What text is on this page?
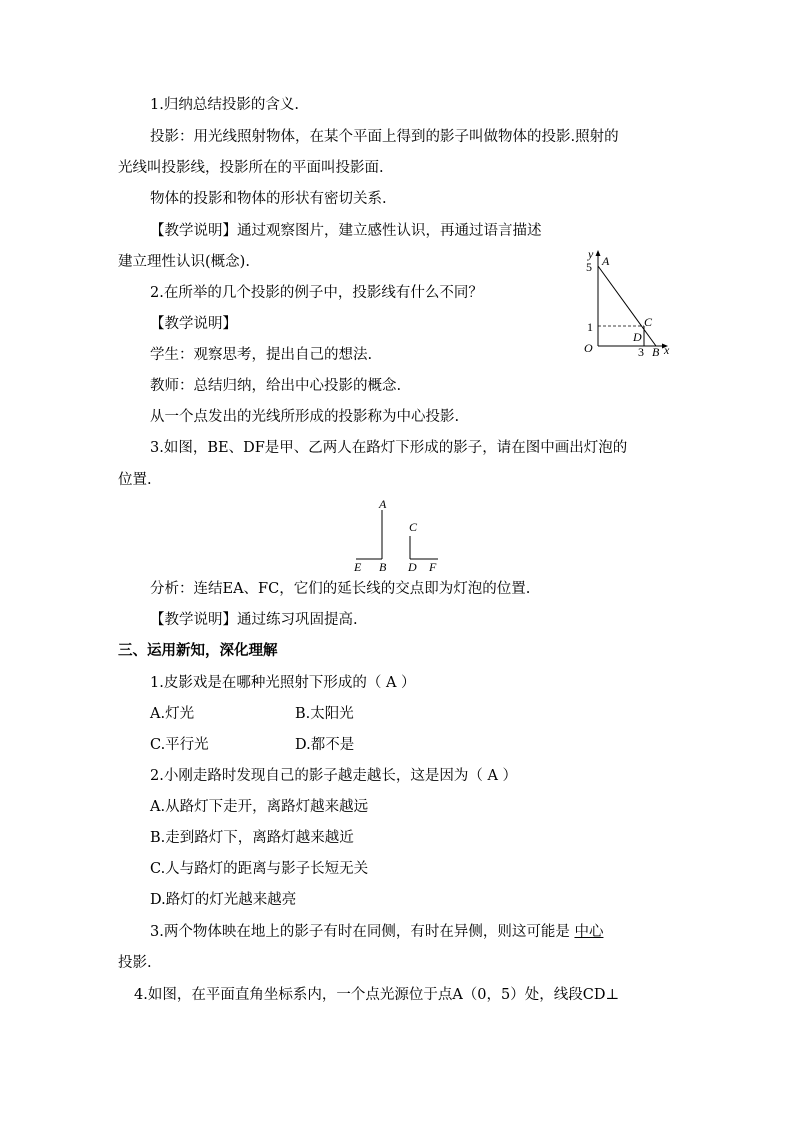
1.归纳总结投影的含义.
投影：用光线照射物体，在某个平面上得到的影子叫做物体的投影.照射的
光线叫投影线，投影所在的平面叫投影面.
物体的投影和物体的形状有密切关系.
【教学说明】通过观察图片，建立感性认识，再通过语言描述
建立理性认识(概念).
2.在所举的几个投影的例子中，投影线有什么不同？
【教学说明】
学生：观察思考，提出自己的想法.
教师：总结归纳，给出中心投影的概念.
从一个点发出的光线所形成的投影称为中心投影.
3.如图，BE、DF是甲、乙两人在路灯下形成的影子，请在图中画出灯泡的
位置.
y
5 A
1	C
D
O	3 B x
A
C
E B D F
分析：连结EA、FC，它们的延长线的交点即为灯泡的位置.
【教学说明】通过练习巩固提高.
三、运用新知，深化理解
1.皮影戏是在哪种光照射下形成的（ A ）
A.灯光	B.太阳光
C.平行光	D.都不是
2.小刚走路时发现自己的影子越走越长，这是因为（ A ）
A.从路灯下走开，离路灯越来越远
B.走到路灯下，离路灯越来越近
C.人与路灯的距离与影子长短无关
D.路灯的灯光越来越亮
3.两个物体映在地上的影子有时在同侧，有时在异侧，则这可能是 中心
投影.
4.如图，在平面直角坐标系内，一个点光源位于点A（0，5）处，线段CD⊥
